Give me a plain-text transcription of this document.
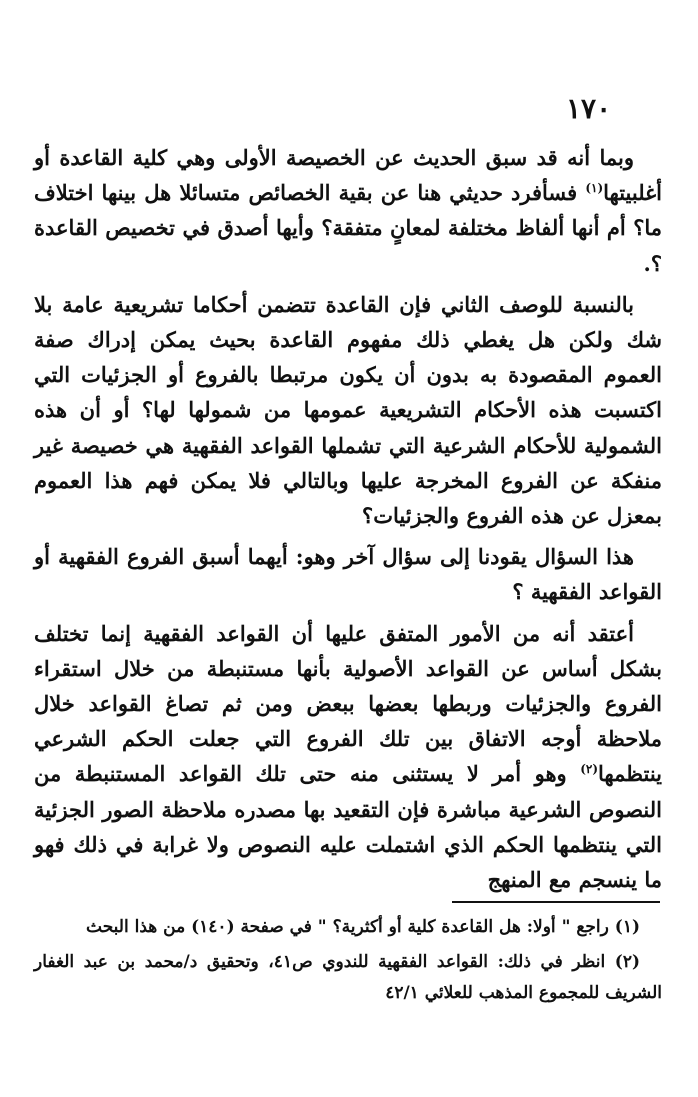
١٧٠

وبما أنه قد سبق الحديث عن الخصيصة الأولى وهي كلية القاعدة أو أغلبيتها$^{(١)}$ فسأفرد حديثي هنا عن بقية الخصائص متسائلا هل بينها اختلاف ما؟ أم أنها ألفاظ مختلفة لمعانٍ متفقة؟ وأيها أصدق في تخصيص القاعدة ؟.

بالنسبة للوصف الثاني فإن القاعدة تتضمن أحكاما تشريعية عامة بلا شك ولكن هل يغطي ذلك مفهوم القاعدة بحيث يمكن إدراك صفة العموم المقصودة به بدون أن يكون مرتبطا بالفروع أو الجزئيات التي اكتسبت هذه الأحكام التشريعية عمومها من شمولها لها؟ أو أن هذه الشمولية للأحكام الشرعية التي تشملها القواعد الفقهية هي خصيصة غير منفكة عن الفروع المخرجة عليها وبالتالي فلا يمكن فهم هذا العموم بمعزل عن هذه الفروع والجزئيات؟

هذا السؤال يقودنا إلى سؤال آخر وهو: أيهما أسبق الفروع الفقهية أو القواعد الفقهية ؟

أعتقد أنه من الأمور المتفق عليها أن القواعد الفقهية إنما تختلف بشكل أساس عن القواعد الأصولية بأنها مستنبطة من خلال استقراء الفروع والجزئيات وربطها بعضها ببعض ومن ثم تصاغ القواعد خلال ملاحظة أوجه الاتفاق بين تلك الفروع التي جعلت الحكم الشرعي ينتظمها$^{(٢)}$ وهو أمر لا يستثنى منه حتى تلك القواعد المستنبطة من النصوص الشرعية مباشرة فإن التقعيد بها مصدره ملاحظة الصور الجزئية التي ينتظمها الحكم الذي اشتملت عليه النصوص ولا غرابة في ذلك فهو ما ينسجم مع المنهج

(١) راجع " أولا: هل القاعدة كلية أو أكثرية؟ " في صفحة (١٤٠) من هذا البحث

(٢) انظر في ذلك: القواعد الفقهية للندوي ص٤١، وتحقيق د/محمد بن عبد الغفار الشريف للمجموع المذهب للعلائي ٤٢/١
